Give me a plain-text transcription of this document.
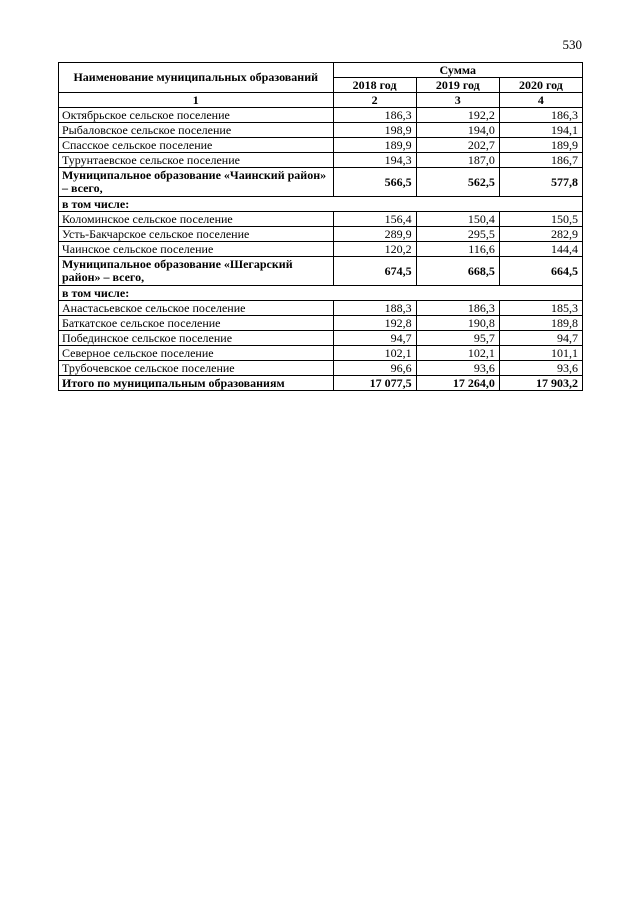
530
Наименование муниципальных образований	Сумма		
	2018 год	2019 год	2020 год
1	2	3	4
Октябрьское сельское поселение	186,3	192,2	186,3
Рыбаловское сельское поселение	198,9	194,0	194,1
Спасское сельское поселение	189,9	202,7	189,9
Турунтаевское сельское поселение	194,3	187,0	186,7
Муниципальное образование «Чаинский район» – всего,	566,5	562,5	577,8
в том числе:			
Коломинское сельское поселение	156,4	150,4	150,5
Усть-Бакчарское сельское поселение	289,9	295,5	282,9
Чаинское сельское поселение	120,2	116,6	144,4
Муниципальное образование «Шегарский район» – всего,	674,5	668,5	664,5
в том числе:			
Анастасьевское сельское поселение	188,3	186,3	185,3
Баткатское сельское поселение	192,8	190,8	189,8
Побединское сельское поселение	94,7	95,7	94,7
Северное сельское поселение	102,1	102,1	101,1
Трубочевское сельское поселение	96,6	93,6	93,6
Итого по муниципальным образованиям	17 077,5	17 264,0	17 903,2
